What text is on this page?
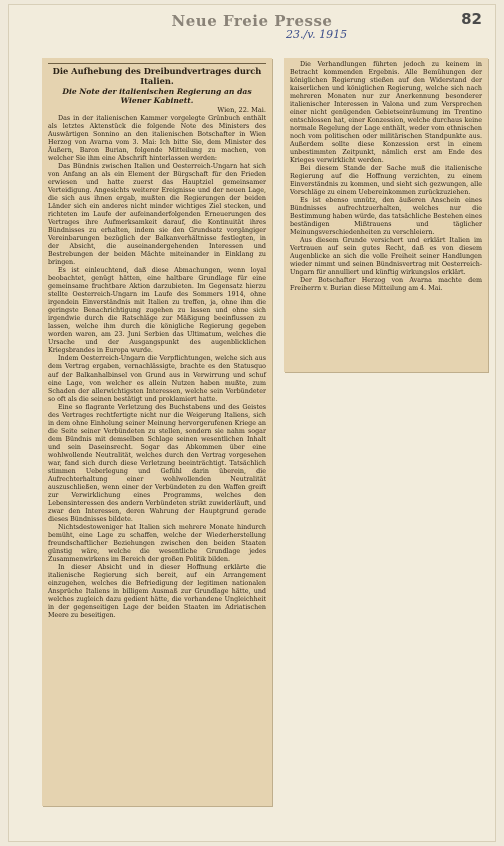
Neue Freie Presse	82
23./v. 1915
Die Aufhebung des Dreibundvertrages durch Italien.
Die Note der italienischen Regierung an das Wiener Kabinett.
Wien, 22. Mai.

Das in der italienischen Kammer vorgelegte Grünbuch enthält als letztes Aktenstück die folgende Note des Ministers des Auswärtigen Sonnino an den italienischen Botschafter in Wien Herzog von Avarna vom 3. Mai: Ich bitte Sie, dem Minister des Äußern, Baron Burian, folgende Mitteilung zu machen, von welcher Sie ihm eine Abschrift hinterlassen werden:

Das Bündnis zwischen Italien und Oesterreich-Ungarn hat sich von Anfang an als ein Element der Bürgschaft für den Frieden erwiesen und hatte zuerst das Hauptziel gemeinsamer Verteidigung. Angesichts weiterer Ereignisse und der neuen Lage, die sich aus ihnen ergab, mußten die Regierungen der beiden Länder sich ein anderes nicht minder wichtiges Ziel stecken, und richteten im Laufe der aufeinanderfolgenden Erneuerungen des Vertrages ihre Aufmerksamkeit darauf, die Kontinuität ihres Bündnisses zu erhalten, indem sie den Grundsatz vorgängiger Vereinbarungen bezüglich der Balkanverhältnisse festlegten, in der Absicht, die auseinandergehenden Interessen und Bestrebungen der beiden Mächte miteinander in Einklang zu bringen.

Es ist einleuchtend, daß diese Abmachungen, wenn loyal beobachtet, genügt hätten, eine haltbare Grundlage für eine gemeinsame fruchtbare Aktion darzubieten. Im Gegensatz hierzu stellte Oesterreich-Ungarn im Laufe des Sommers 1914, ohne irgendein Einverständnis mit Italien zu treffen, ja, ohne ihm die geringste Benachrichtigung zugehen zu lassen und ohne sich irgendwie durch die Ratschläge zur Mäßigung beeinflussen zu lassen, welche ihm durch die königliche Regierung gegeben worden waren, am 23. Juni Serbien das Ultimatum, welches die Ursache und der Ausgangspunkt des augenblicklichen Kriegsbrandes in Europa wurde.

Indem Oesterreich-Ungarn die Verpflichtungen, welche sich aus dem Vertrag ergaben, vernachlässigte, brachte es den Statusquo auf der Balkanhalbinsel von Grund aus in Verwirrung und schuf eine Lage, von welcher es allein Nutzen haben mußte, zum Schaden der allerwichtigsten Interessen, welche sein Verbündeter so oft als die seinen bestätigt und proklamiert hatte.

Eine so flagrante Verletzung des Buchstabens und des Geistes des Vertrages rechtfertigte nicht nur die Weigerung Italiens, sich in dem ohne Einholung seiner Meinung hervorgerufenen Kriege an die Seite seiner Verbündeten zu stellen, sondern sie nahm sogar dem Bündnis mit demselben Schlage seinen wesentlichen Inhalt und sein Daseinsrecht. Sogar das Abkommen über eine wohlwollende Neutralität, welches durch den Vertrag vorgesehen war, fand sich durch diese Verletzung beeinträchtigt. Tatsächlich stimmen Ueberlegung und Gefühl darin überein, die Aufrechterhaltung einer wohlwollenden Neutralität auszuschließen, wenn einer der Verbündeten zu den Waffen greift zur Verwirklichung eines Programms, welches den Lebensinteressen des andern Verbündeten strikt zuwiderläuft, und zwar den Interessen, deren Wahrung der Hauptgrund gerade dieses Bündnisses bildete.

Nichtsdestoweniger hat Italien sich mehrere Monate hindurch bemüht, eine Lage zu schaffen, welche der Wiederherstellung freundschaftlicher Beziehungen zwischen den beiden Staaten günstig wäre, welche die wesentliche Grundlage jedes Zusammenwirkens im Bereich der großen Politik bilden.

In dieser Absicht und in dieser Hoffnung erklärte die italienische Regierung sich bereit, auf ein Arrangement einzugehen, welches die Befriedigung der legitimen nationalen Ansprüche Italiens in billigem Ausmaß zur Grundlage hätte, und welches zugleich dazu gedient hätte, die vorhandene Ungleichheit in der gegenseitigen Lage der beiden Staaten im Adriatischen Meere zu beseitigen.

Die Verhandlungen führten jedoch zu keinem in Betracht kommenden Ergebnis. Alle Bemühungen der königlichen Regierung stießen auf den Widerstand der kaiserlichen und königlichen Regierung, welche sich nach mehreren Monaten nur zur Anerkennung besonderer italienischer Interessen in Valona und zum Versprechen einer nicht genügenden Gebietseinräumung im Trentino entschlossen hat, einer Konzession, welche durchaus keine normale Regelung der Lage enthält, weder vom ethnischen noch vom politischen oder militärischen Standpunkte aus. Außerdem sollte diese Konzession erst in einem unbestimmten Zeitpunkt, nämlich erst am Ende des Krieges verwirklicht werden.

Bei diesem Stande der Sache muß die italienische Regierung auf die Hoffnung verzichten, zu einem Einverständnis zu kommen, und sieht sich gezwungen, alle Vorschläge zu einem Uebereinkommen zurückzuziehen.

Es ist ebenso unnütz, den äußeren Anschein eines Bündnisses aufrechtzuerhalten, welches nur die Bestimmung haben würde, das tatsächliche Bestehen eines beständigen Mißtrauens und täglicher Meinungsverschiedenheiten zu verschleiern.

Aus diesem Grunde versichert und erklärt Italien im Vertrauen auf sein gutes Recht, daß es von diesem Augenblicke an sich die volle Freiheit seiner Handlungen wieder nimmt und seinen Bündnisvertrag mit Oesterreich-Ungarn für annulliert und künftig wirkungslos erklärt.

Der Botschafter Herzog von Avarna machte dem Freiherrn v. Burian diese Mitteilung am 4. Mai.
